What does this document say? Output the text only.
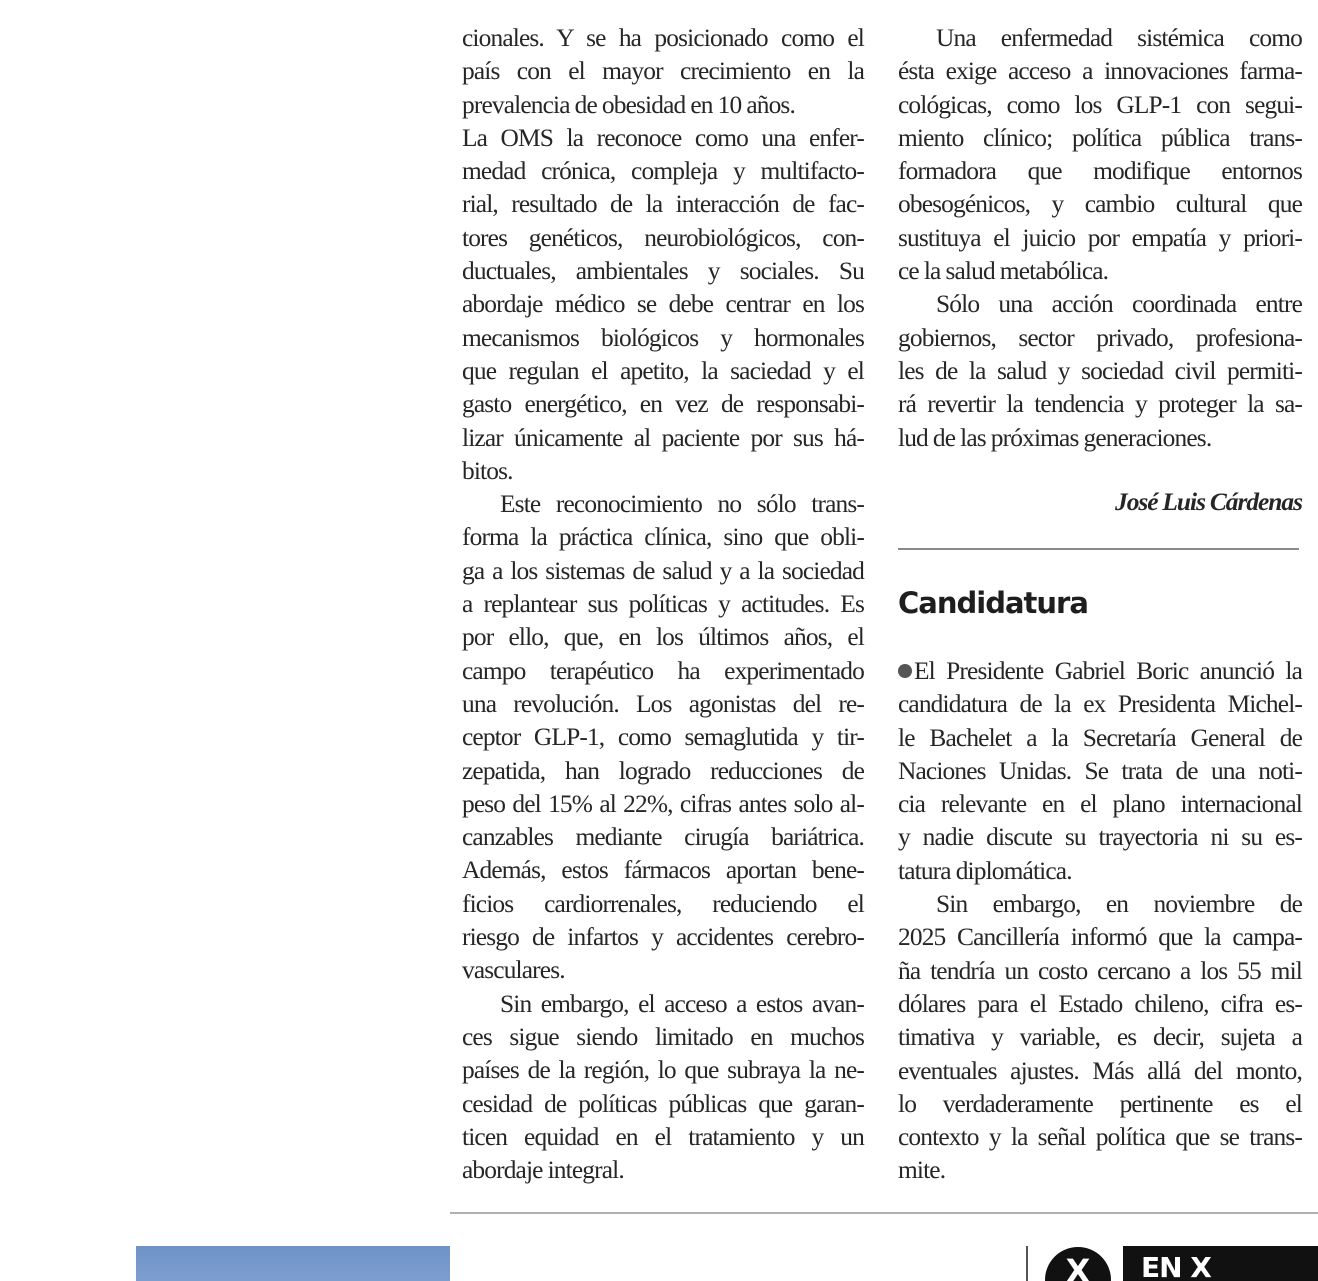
cionales. Y se ha posicionado como el
país con el mayor crecimiento en la
prevalencia de obesidad en 10 años.
La OMS la reconoce como una enfer-
medad crónica, compleja y multifacto-
rial, resultado de la interacción de fac-
tores genéticos, neurobiológicos, con-
ductuales, ambientales y sociales. Su
abordaje médico se debe centrar en los
mecanismos biológicos y hormonales
que regulan el apetito, la saciedad y el
gasto energético, en vez de responsabi-
lizar únicamente al paciente por sus há-
bitos.
Este reconocimiento no sólo trans-
forma la práctica clínica, sino que obli-
ga a los sistemas de salud y a la sociedad
a replantear sus políticas y actitudes. Es
por ello, que, en los últimos años, el
campo terapéutico ha experimentado
una revolución. Los agonistas del re-
ceptor GLP-1, como semaglutida y tir-
zepatida, han logrado reducciones de
peso del 15% al 22%, cifras antes solo al-
canzables mediante cirugía bariátrica.
Además, estos fármacos aportan bene-
ficios cardiorrenales, reduciendo el
riesgo de infartos y accidentes cerebro-
vasculares.
Sin embargo, el acceso a estos avan-
ces sigue siendo limitado en muchos
países de la región, lo que subraya la ne-
cesidad de políticas públicas que garan-
ticen equidad en el tratamiento y un
abordaje integral.
Una enfermedad sistémica como
ésta exige acceso a innovaciones farma-
cológicas, como los GLP-1 con segui-
miento clínico; política pública trans-
formadora que modifique entornos
obesogénicos, y cambio cultural que
sustituya el juicio por empatía y priori-
ce la salud metabólica.
Sólo una acción coordinada entre
gobiernos, sector privado, profesiona-
les de la salud y sociedad civil permiti-
rá revertir la tendencia y proteger la sa-
lud de las próximas generaciones.
José Luis Cárdenas
Candidatura
El Presidente Gabriel Boric anunció la
candidatura de la ex Presidenta Michel-
le Bachelet a la Secretaría General de
Naciones Unidas. Se trata de una noti-
cia relevante en el plano internacional
y nadie discute su trayectoria ni su es-
tatura diplomática.
Sin embargo, en noviembre de
2025 Cancillería informó que la campa-
ña tendría un costo cercano a los 55 mil
dólares para el Estado chileno, cifra es-
timativa y variable, es decir, sujeta a
eventuales ajustes. Más allá del monto,
lo verdaderamente pertinente es el
contexto y la señal política que se trans-
mite.
X	EN X
